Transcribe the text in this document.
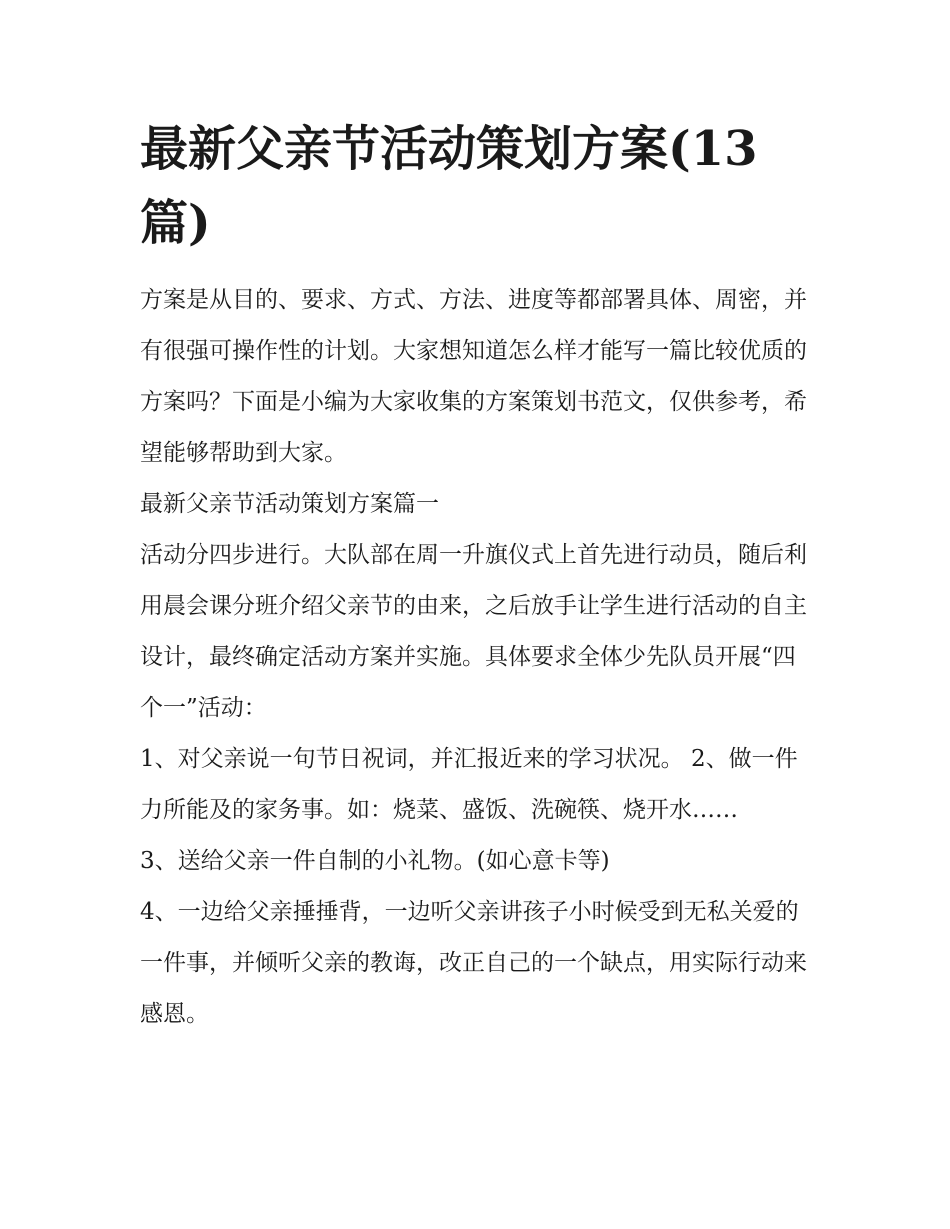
最新父亲节活动策划方案(13篇)

方案是从目的、要求、方式、方法、进度等都部署具体、周密，并有很强可操作性的计划。大家想知道怎么样才能写一篇比较优质的方案吗？下面是小编为大家收集的方案策划书范文，仅供参考，希望能够帮助到大家。

最新父亲节活动策划方案篇一

活动分四步进行。大队部在周一升旗仪式上首先进行动员，随后利用晨会课分班介绍父亲节的由来，之后放手让学生进行活动的自主设计，最终确定活动方案并实施。具体要求全体少先队员开展“四个一”活动：

1、对父亲说一句节日祝词，并汇报近来的学习状况。 2、做一件力所能及的家务事。如：烧菜、盛饭、洗碗筷、烧开水……

3、送给父亲一件自制的小礼物。(如心意卡等)

4、一边给父亲捶捶背，一边听父亲讲孩子小时候受到无私关爱的一件事，并倾听父亲的教诲，改正自己的一个缺点，用实际行动来感恩。
